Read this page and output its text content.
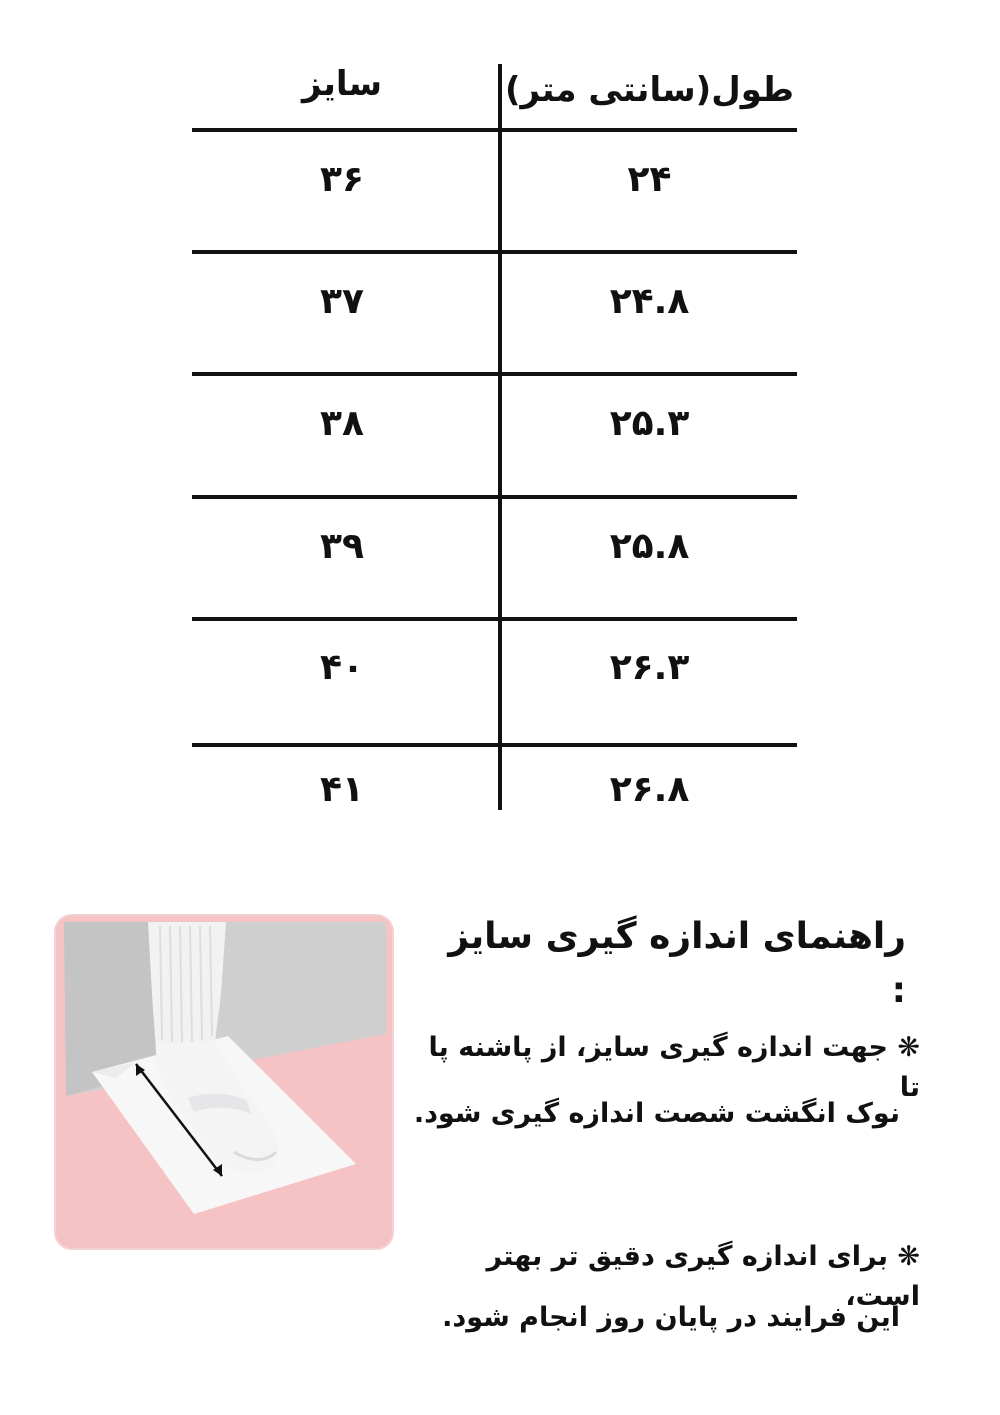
سایز	طول(سانتی متر)
۳۶	۲۴
۳۷	۲۴.۸
۳۸	۲۵.۳
۳۹	۲۵.۸
۴۰	۲۶.۳
۴۱	۲۶.۸
راهنمای اندازه گیری سایز :
❋ جهت اندازه گیری سایز، از پاشنه پا تا
نوک انگشت شصت اندازه گیری شود.
❋ برای اندازه گیری دقیق تر بهتر است،
این فرایند در پایان روز انجام شود.
